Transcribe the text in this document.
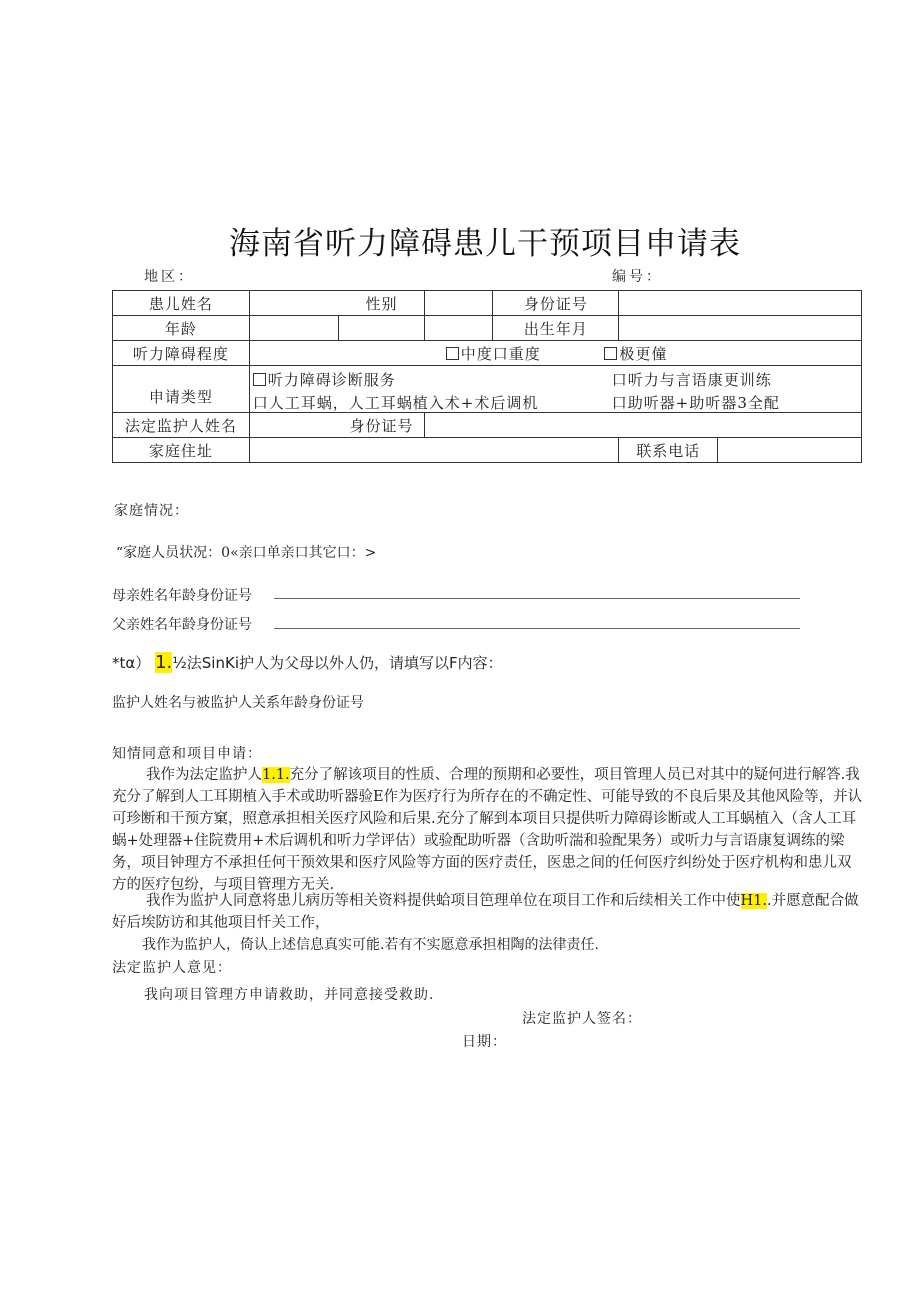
海南省听力障碍患儿干预项目申请表
地区：	编号：
患儿姓名	性别			身份证号		
年龄				出生年月		
听力障碍程度	中度口重度 极更僮					
申请类型	听力障碍诊断服务 口听力与言语康更训练
口人工耳蜗，人工耳蜗植入术+术后调机 口助听器+助听器3全配					

法定监护人姓名	身份证号					
家庭住址					联系电话	
家庭情况：
“家庭人员状况：0«亲口单亲口其它口：>
母亲姓名年龄身份证号
父亲姓名年龄身份证号
*tα） 1.½法SinKi护人为父母以外人仍，请填写以F内容：
监护人姓名与被监护人关系年龄身份证号
知情同意和项目申请：
我作为法定监护人1.1.充分了解该项目的性质、合理的预期和必要性，项目管理人员已对其中的疑何进行解答.我充分了解到人工耳期植入手术或助听器验E作为医疗行为所存在的不确定性、可能导致的不良后果及其他风险等，并认可珍断和干预方窠，照意承担相关医疗风险和后果.充分了解到本项目只提供听力障碍诊断或人工耳蜗植入（含人工耳蜗+处理器+住院费用+术后调机和听力学评估）或验配助听器（含助听湍和验配果务）或听力与言语康复调练的梁务，项目钟理方不承担任何干预效果和医疗风险等方面的医疗责任，医患之间的任何医疗纠纷处于医疗机构和患儿双方的医疗包纷，与项目管理方无关.
我作为监护人同意将患儿病历等相关资料提供蛤项目笆理单位在项目工作和后续相关工作中使H1..并愿意配合做好后埃防访和其他项目忏关工作，
我作为监护人，倚认上述信息真实可能.若有不实愿意承担相陶的法律责任.
法定监护人意见：
我向项目管理方申请救助，并同意接受救助.
法定监护人签名：
日期：
